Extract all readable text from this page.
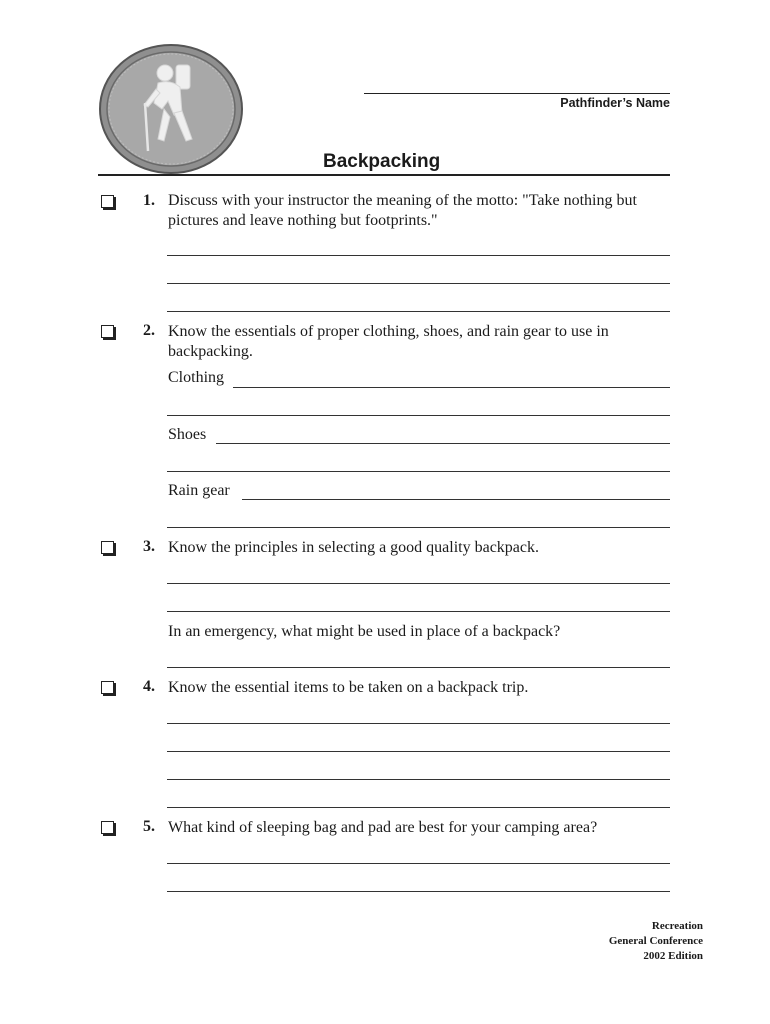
Pathfinder’s Name
Backpacking
1. Discuss with your instructor the meaning of the motto: "Take nothing but pictures and leave nothing but footprints."
2. Know the essentials of proper clothing, shoes, and rain gear to use in backpacking.
Clothing
Shoes
Rain gear
3. Know the principles in selecting a good quality backpack.
In an emergency, what might be used in place of a backpack?
4. Know the essential items to be taken on a backpack trip.
5. What kind of sleeping bag and pad are best for your camping area?
Recreation
General Conference
2002 Edition
